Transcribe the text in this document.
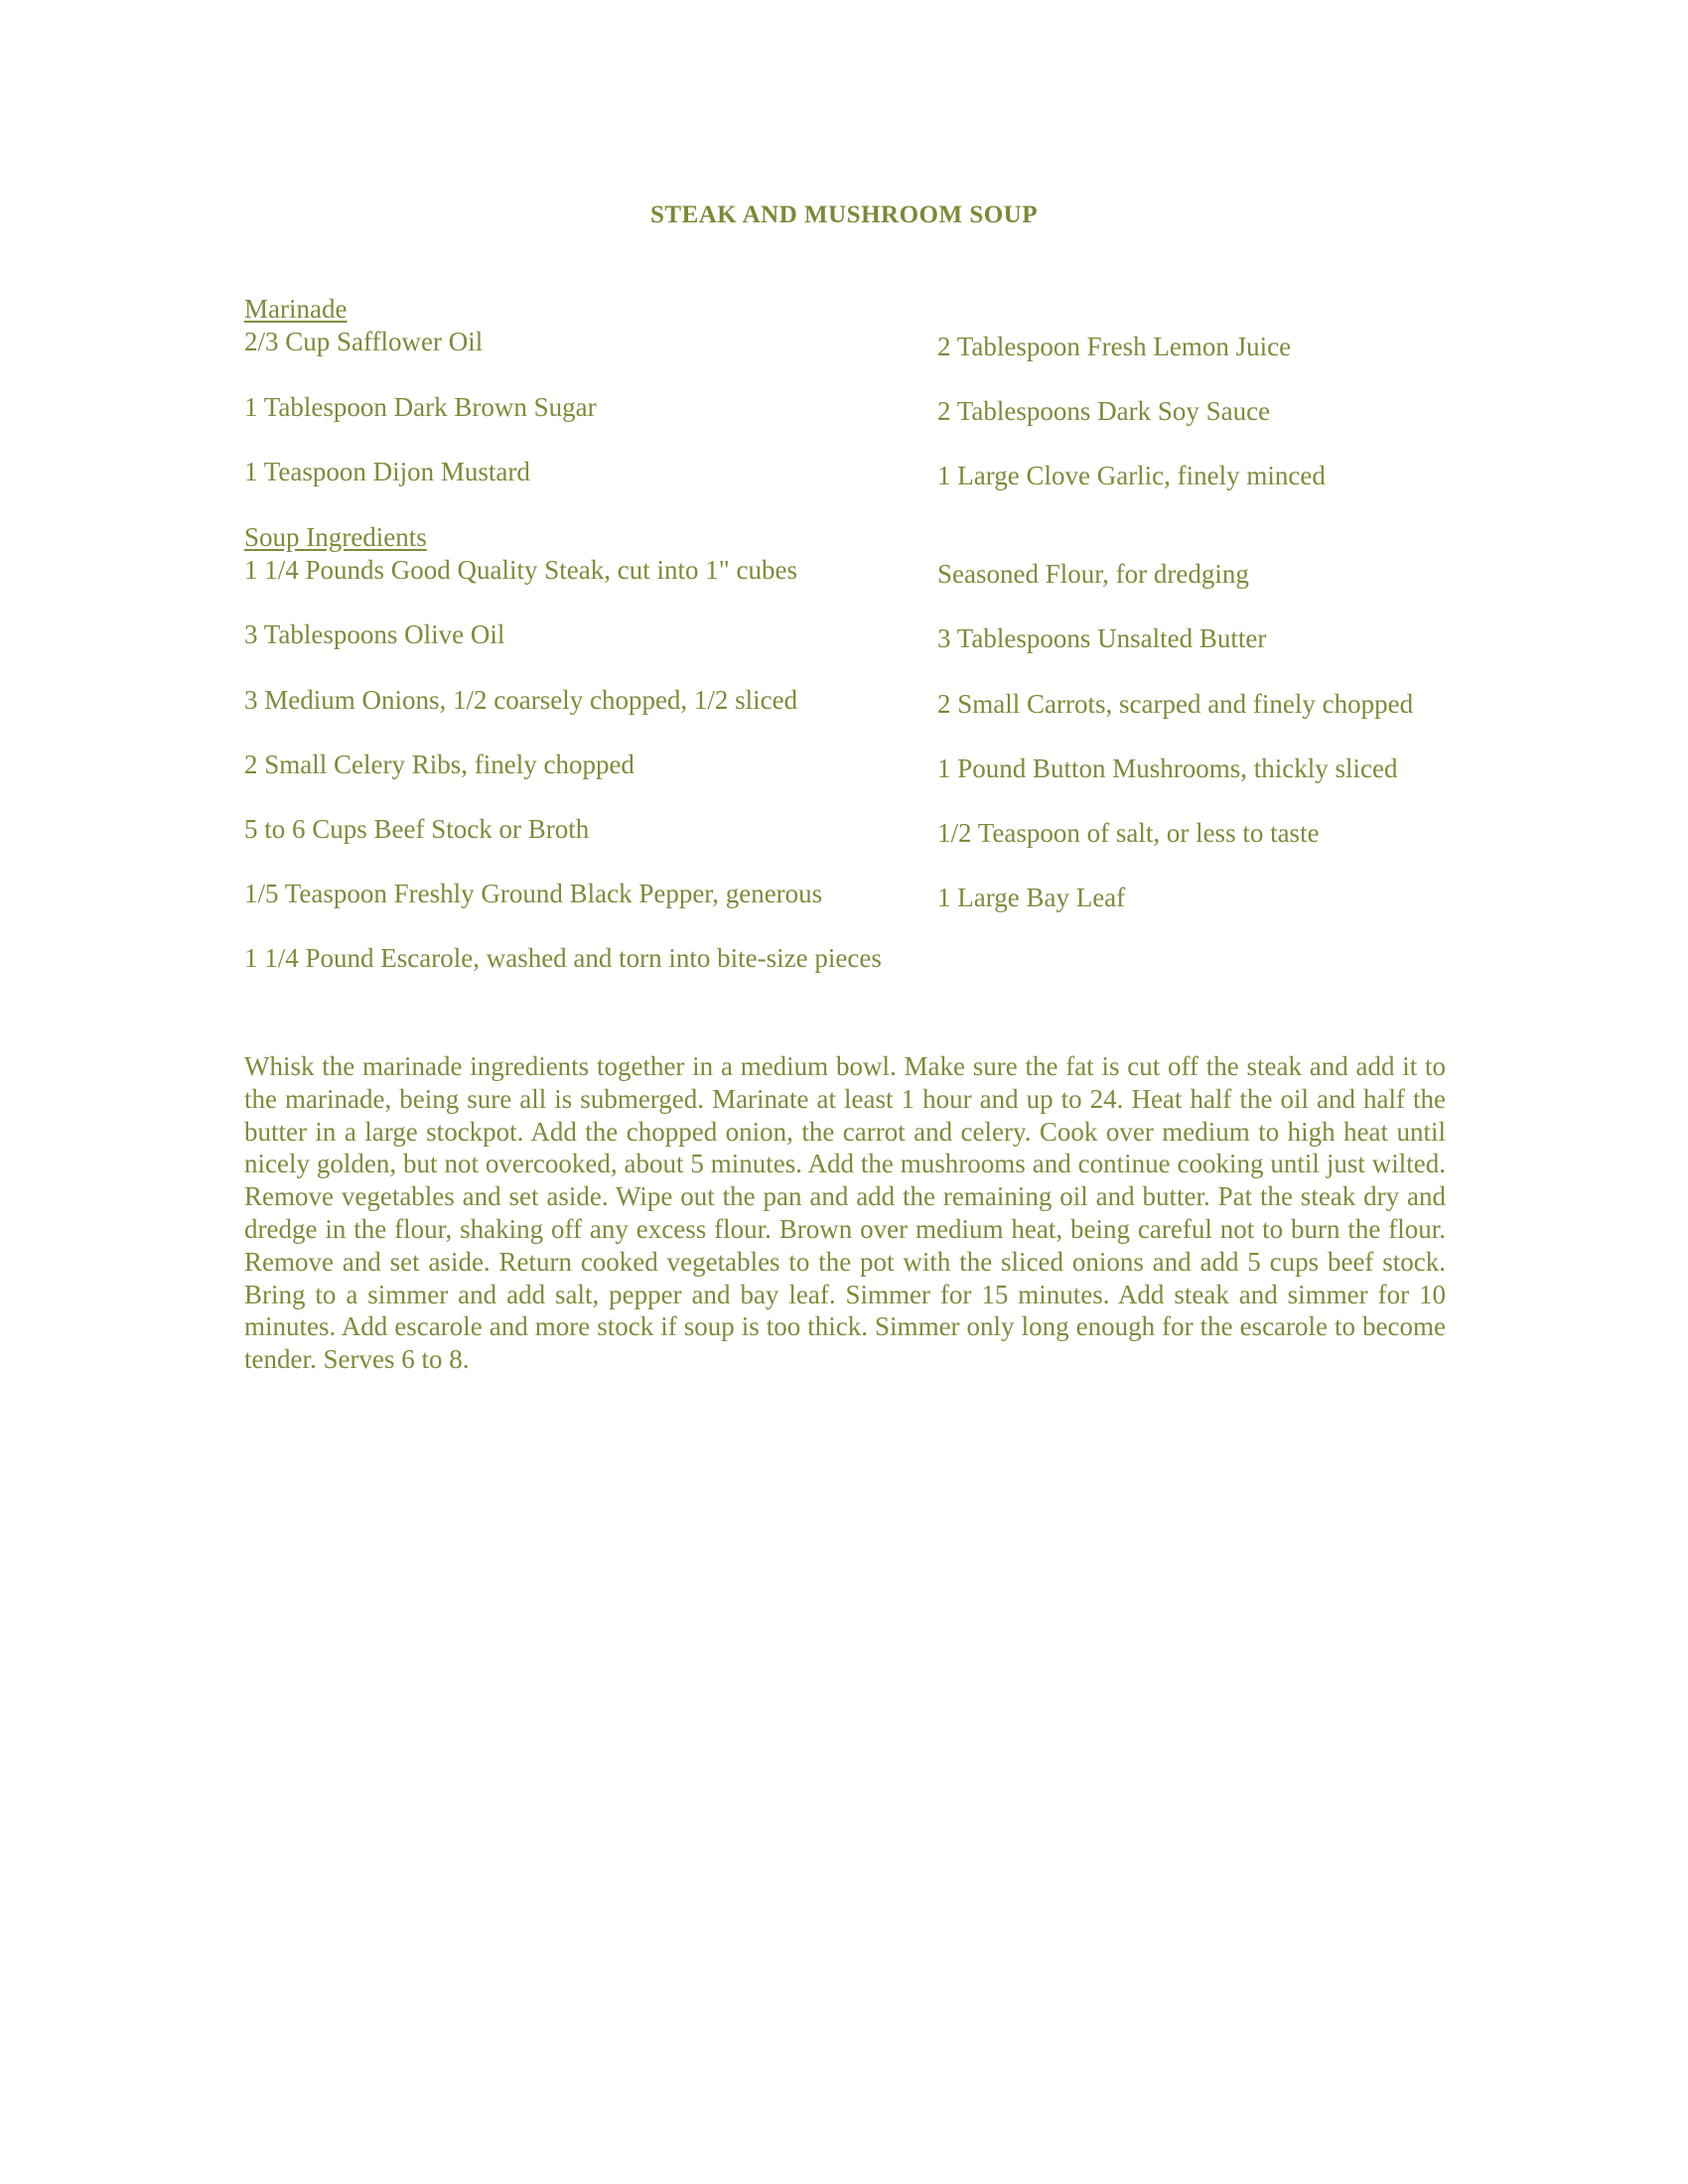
STEAK AND MUSHROOM SOUP
Marinade
2/3 Cup Safflower Oil
1 Tablespoon Dark Brown Sugar
1 Teaspoon Dijon Mustard
2 Tablespoon Fresh Lemon Juice
2 Tablespoons Dark Soy Sauce
1 Large Clove Garlic, finely minced
Soup Ingredients
1 1/4 Pounds Good Quality Steak, cut into 1" cubes
3 Tablespoons Olive Oil
3 Medium Onions, 1/2 coarsely chopped, 1/2 sliced
2 Small Celery Ribs, finely chopped
5 to 6 Cups Beef Stock or Broth
1/5 Teaspoon Freshly Ground Black Pepper, generous
1 1/4 Pound Escarole, washed and torn into bite-size pieces
Seasoned Flour, for dredging
3 Tablespoons Unsalted Butter
2 Small Carrots, scarped and finely chopped
1 Pound Button Mushrooms, thickly sliced
1/2 Teaspoon of salt, or less to taste
1 Large Bay Leaf
Whisk the marinade ingredients together in a medium bowl. Make sure the fat is cut off the steak and add it to the marinade, being sure all is submerged. Marinate at least 1 hour and up to 24. Heat half the oil and half the butter in a large stockpot. Add the chopped onion, the carrot and celery. Cook over medium to high heat until nicely golden, but not overcooked, about 5 minutes. Add the mushrooms and continue cooking until just wilted. Remove vegetables and set aside. Wipe out the pan and add the remaining oil and butter. Pat the steak dry and dredge in the flour, shaking off any excess flour. Brown over medium heat, being careful not to burn the flour. Remove and set aside. Return cooked vegetables to the pot with the sliced onions and add 5 cups beef stock. Bring to a simmer and add salt, pepper and bay leaf. Simmer for 15 minutes. Add steak and simmer for 10 minutes. Add escarole and more stock if soup is too thick. Simmer only long enough for the escarole to become tender. Serves 6 to 8.
